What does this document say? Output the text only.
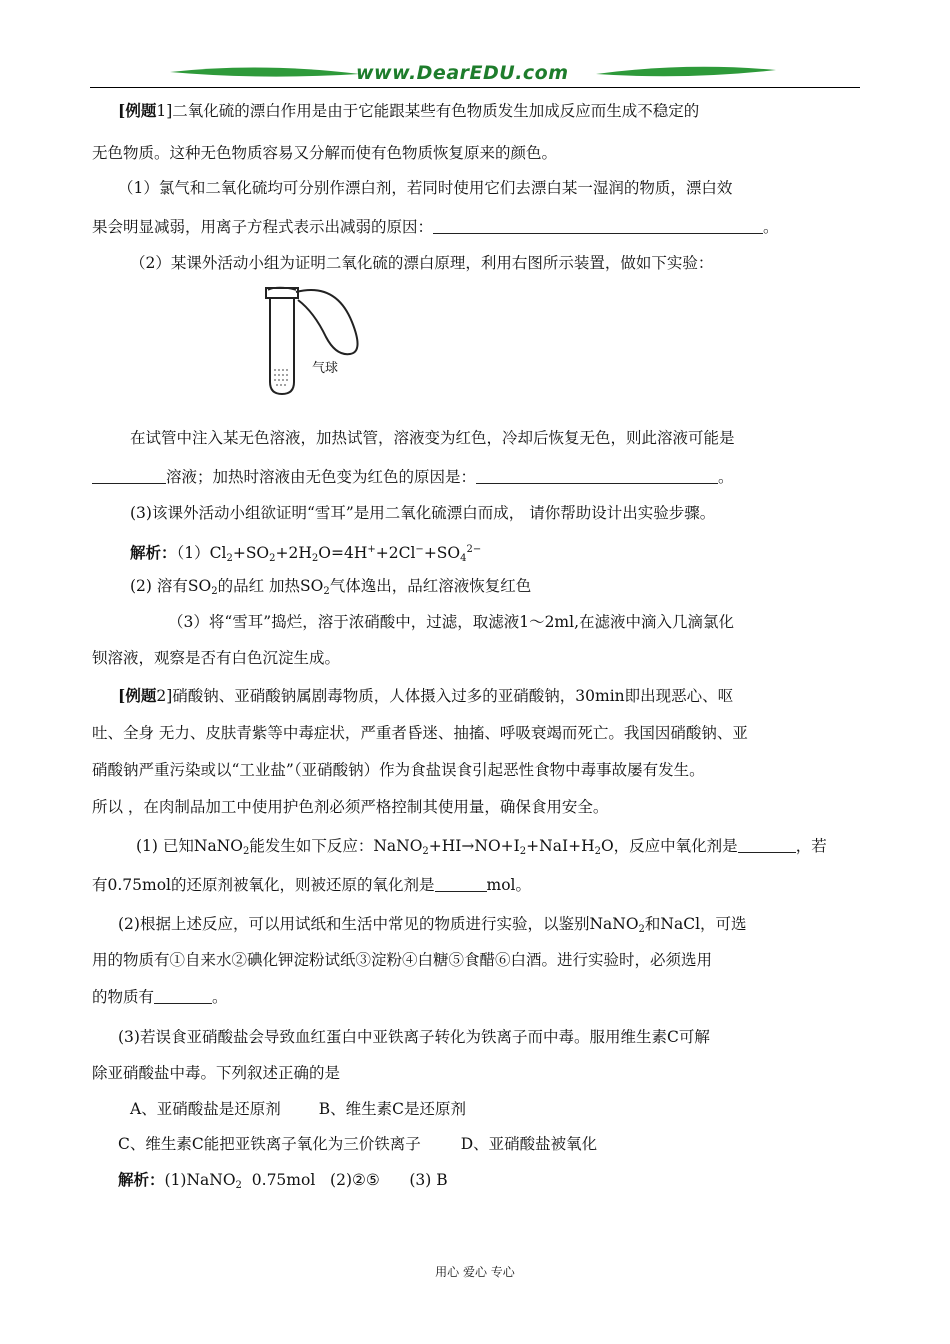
www.DearEDU.com
[例题1]二氧化硫的漂白作用是由于它能跟某些有色物质发生加成反应而生成不稳定的
无色物质。这种无色物质容易又分解而使有色物质恢复原来的颜色。
（1）氯气和二氧化硫均可分别作漂白剂，若同时使用它们去漂白某一湿润的物质，漂白效
果会明显减弱，用离子方程式表示出减弱的原因：	。
（2）某课外活动小组为证明二氧化硫的漂白原理，利用右图所示装置，做如下实验：
气球
在试管中注入某无色溶液，加热试管，溶液变为红色，冷却后恢复无色，则此溶液可能是
溶液；加热时溶液由无色变为红色的原因是：	。
(3)该课外活动小组欲证明“雪耳”是用二氧化硫漂白而成， 请你帮助设计出实验步骤。
解析：$(1)Cl_2+SO_2+2H_2O=4H^++2Cl^-+SO_4^{2-}$
(2) 溶有$SO_2$的品红 加热$SO_2$气体逸出，品红溶液恢复红色
（3）将“雪耳”捣烂，溶于浓硝酸中，过滤，取滤液1～2ml,在滤液中滴入几滴氯化
钡溶液，观察是否有白色沉淀生成。
[例题2]硝酸钠、亚硝酸钠属剧毒物质，人体摄入过多的亚硝酸钠，30min即出现恶心、呕
吐、全身 无力、皮肤青紫等中毒症状，严重者昏迷、抽搐、呼吸衰竭而死亡。我国因硝酸钠、亚
硝酸钠严重污染或以“工业盐”（亚硝酸钠）作为食盐误食引起恶性食物中毒事故屡有发生。
所以 ，在肉制品加工中使用护色剂必须严格控制其使用量，确保食用安全。
(1) 已知NaNO$_2$能发生如下反应：$NaNO_2+HI\to NO+I_2+NaI+H_2O$，反应中氧化剂是	，若
有0.75mol的还原剂被氧化，则被还原的氧化剂是	mol。
(2)根据上述反应，可以用试纸和生活中常见的物质进行实验，以鉴别NaNO$_2$和NaCl，可选
用的物质有①自来水②碘化钾淀粉试纸③淀粉④白糖⑤食醋⑥白酒。进行实验时，必须选用
的物质有	。
(3)若误食亚硝酸盐会导致血红蛋白中亚铁离子转化为铁离子而中毒。服用维生素C可解
除亚硝酸盐中毒。下列叙述正确的是
A、亚硝酸盐是还原剂 B、维生素C是还原剂
C、维生素C能把亚铁离子氧化为三价铁离子	D、亚硝酸盐被氧化
解析：(1)NaNO$_2$  0.75mol   (2)②⑤      (3) B
用心 爱心 专心
